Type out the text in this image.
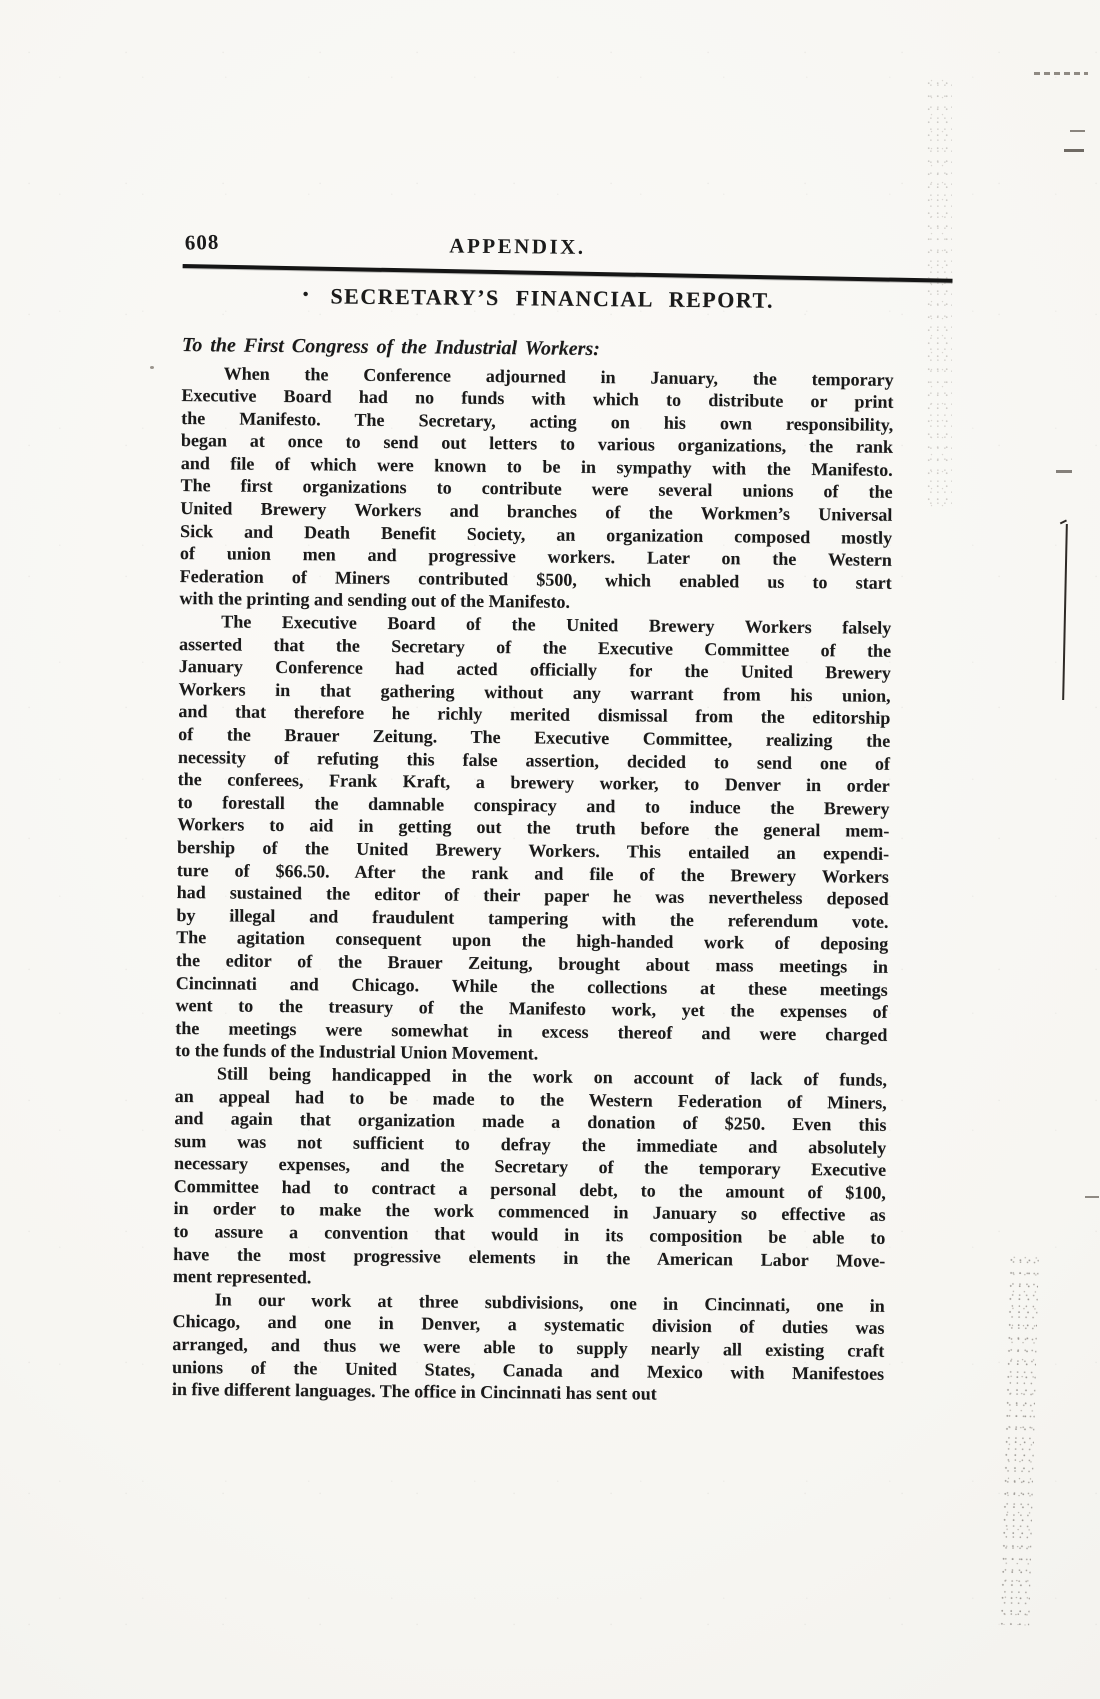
608	APPENDIX.
• SECRETARY’S FINANCIAL REPORT.
To the First Congress of the Industrial Workers:
When the Conference adjourned in January, the temporary
Executive Board had no funds with which to distribute or print
the Manifesto. The Secretary, acting on his own responsibility,
began at once to send out letters to various organizations, the rank
and file of which were known to be in sympathy with the Manifesto.
The first organizations to contribute were several unions of the
United Brewery Workers and branches of the Workmen’s Universal
Sick and Death Benefit Society, an organization composed mostly
of union men and progressive workers. Later on the Western
Federation of Miners contributed $500, which enabled us to start
with the printing and sending out of the Manifesto.
The Executive Board of the United Brewery Workers falsely
asserted that the Secretary of the Executive Committee of the
January Conference had acted officially for the United Brewery
Workers in that gathering without any warrant from his union,
and that therefore he richly merited dismissal from the editorship
of the Brauer Zeitung. The Executive Committee, realizing the
necessity of refuting this false assertion, decided to send one of
the conferees, Frank Kraft, a brewery worker, to Denver in order
to forestall the damnable conspiracy and to induce the Brewery
Workers to aid in getting out the truth before the general mem-
bership of the United Brewery Workers. This entailed an expendi-
ture of $66.50. After the rank and file of the Brewery Workers
had sustained the editor of their paper he was nevertheless deposed
by illegal and fraudulent tampering with the referendum vote.
The agitation consequent upon the high-handed work of deposing
the editor of the Brauer Zeitung, brought about mass meetings in
Cincinnati and Chicago. While the collections at these meetings
went to the treasury of the Manifesto work, yet the expenses of
the meetings were somewhat in excess thereof and were charged
to the funds of the Industrial Union Movement.
Still being handicapped in the work on account of lack of funds,
an appeal had to be made to the Western Federation of Miners,
and again that organization made a donation of $250. Even this
sum was not sufficient to defray the immediate and absolutely
necessary expenses, and the Secretary of the temporary Executive
Committee had to contract a personal debt, to the amount of $100,
in order to make the work commenced in January so effective as
to assure a convention that would in its composition be able to
have the most progressive elements in the American Labor Move-
ment represented.
In our work at three subdivisions, one in Cincinnati, one in
Chicago, and one in Denver, a systematic division of duties was
arranged, and thus we were able to supply nearly all existing craft
unions of the United States, Canada and Mexico with Manifestoes
in five different languages. The office in Cincinnati has sent out
